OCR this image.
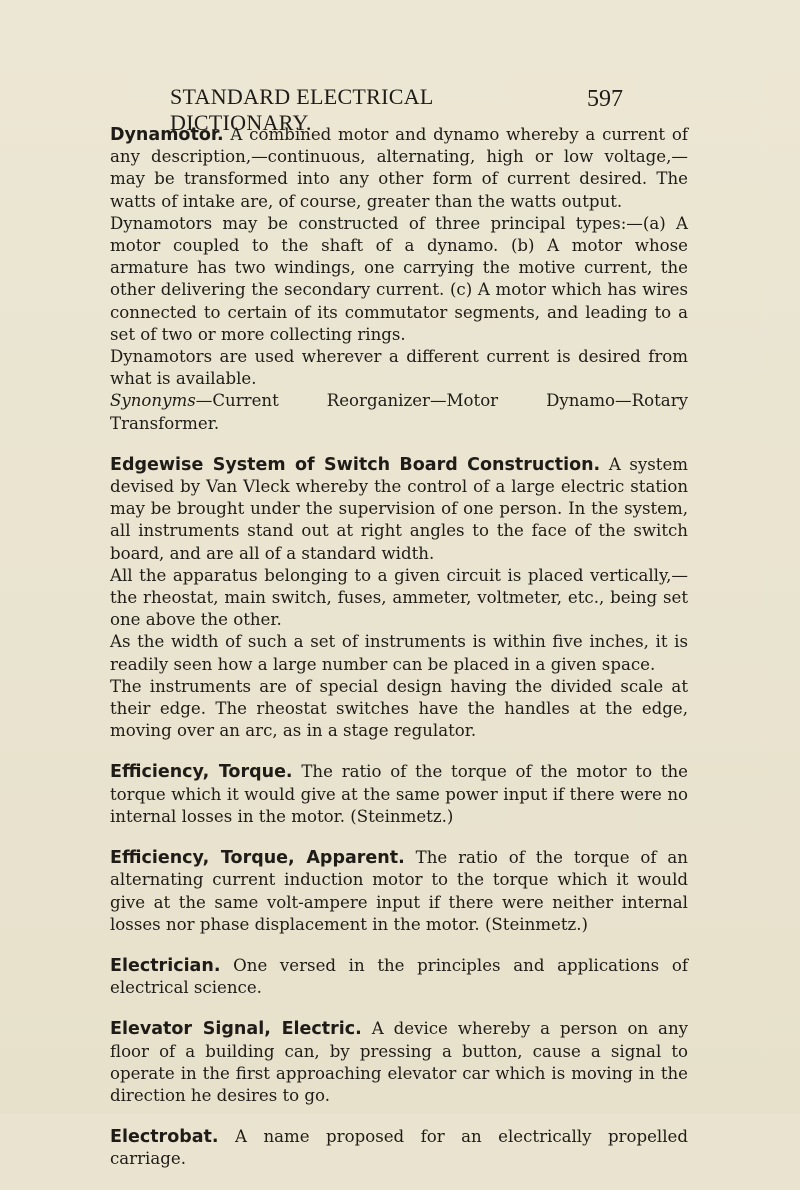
STANDARD ELECTRICAL DICTIONARY.
597

Dynamotor. A combined motor and dynamo whereby a current of any description,—continuous, alternating, high or low voltage,—may be transformed into any other form of current desired. The watts of intake are, of course, greater than the watts output.

Dynamotors may be constructed of three principal types:—(a) A motor coupled to the shaft of a dynamo. (b) A motor whose armature has two windings, one carrying the motive current, the other delivering the secondary current. (c) A motor which has wires connected to certain of its commutator segments, and leading to a set of two or more collecting rings.

Dynamotors are used wherever a different current is desired from what is available.

Synonyms—Current Reorganizer—Motor Dynamo—Rotary Transformer.

Edgewise System of Switch Board Construction. A system devised by Van Vleck whereby the control of a large electric station may be brought under the supervision of one person. In the system, all instruments stand out at right angles to the face of the switch board, and are all of a standard width.

All the apparatus belonging to a given circuit is placed vertically,—the rheostat, main switch, fuses, ammeter, voltmeter, etc., being set one above the other.

As the width of such a set of instruments is within five inches, it is readily seen how a large number can be placed in a given space.

The instruments are of special design having the divided scale at their edge. The rheostat switches have the handles at the edge, moving over an arc, as in a stage regulator.

Efficiency, Torque. The ratio of the torque of the motor to the torque which it would give at the same power input if there were no internal losses in the motor. (Steinmetz.)

Efficiency, Torque, Apparent. The ratio of the torque of an alternating current induction motor to the torque which it would give at the same volt-ampere input if there were neither internal losses nor phase displacement in the motor. (Steinmetz.)

Electrician. One versed in the principles and applications of electrical science.

Elevator Signal, Electric. A device whereby a person on any floor of a building can, by pressing a button, cause a signal to operate in the first approaching elevator car which is moving in the direction he desires to go.

Electrobat. A name proposed for an electrically propelled carriage.
